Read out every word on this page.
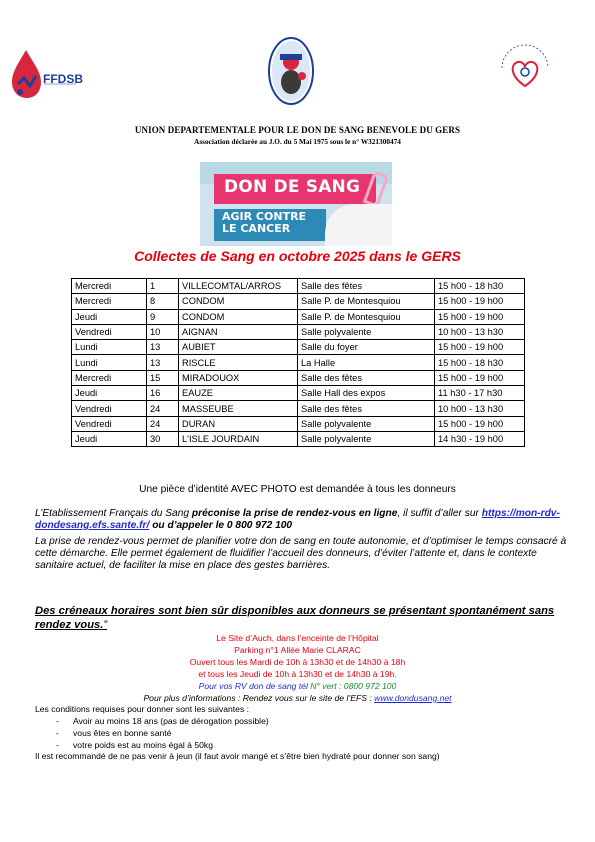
FFDSB
UNION DEPARTEMENTALE POUR LE DON DE SANG BENEVOLE DU GERS
Association déclarée au J.O. du 5 Mai 1975 sous le n° W321300474
DON DE SANG
AGIR CONTRE
LE CANCER
Collectes de Sang en octobre 2025 dans le GERS
Mercredi	1	VILLECOMTAL/ARROS	Salle des fêtes	15 h00 - 18 h30
Mercredi	8	CONDOM	Salle P. de Montesquiou	15 h00 - 19 h00
Jeudi	9	CONDOM	Salle P. de Montesquiou	15 h00 - 19 h00
Vendredi	10	AIGNAN	Salle polyvalente	10 h00 - 13 h30
Lundi	13	AUBIET	Salle du foyer	15 h00 - 19 h00
Lundi	13	RISCLE	La Halle	15 h00 - 18 h30
Mercredi	15	MIRADOUOX	Salle des fêtes	15 h00 - 19 h00
Jeudi	16	EAUZE	Salle Hall des expos	11 h30 - 17 h30
Vendredi	24	MASSEUBE	Salle des fêtes	10 h00 - 13 h30
Vendredi	24	DURAN	Salle polyvalente	15 h00 - 19 h00
Jeudi	30	L'ISLE JOURDAIN	Salle polyvalente	14 h30 - 19 h00
Une pièce d’identité AVEC PHOTO est demandée à tous les donneurs
L’Etablissement Français du Sang préconise la prise de rendez-vous en ligne, il suffit d’aller sur https://mon-rdv-dondesang.efs.sante.fr/ ou d’appeler le 0 800 972 100
La prise de rendez-vous permet de planifier votre don de sang en toute autonomie, et d’optimiser le temps consacré à cette démarche. Elle permet également de fluidifier l’accueil des donneurs, d’éviter l’attente et, dans le contexte sanitaire actuel, de faciliter la mise en place des gestes barrières.
Des créneaux horaires sont bien sûr disponibles aux donneurs se présentant spontanément sans rendez vous.”
Le Site d’Auch, dans l’enceinte de l’Hôpital
Parking n°1 Allée Marie CLARAC
Ouvert tous les Mardi de 10h à 13h30 et de 14h30 à 18h
et tous les Jeudi de 10h à 13h30 et de 14h30 à 19h.
Pour vos RV don de sang tél N° vert : 0800 972 100
Pour plus d’informations : Rendez vous sur le site de l’EFS : www.dondusang.net
Les conditions requises pour donner sont les suivantes :
- Avoir au moins 18 ans (pas de dérogation possible)
- vous êtes en bonne santé
- votre poids est au moins égal à 50kg
Il est recommandé de ne pas venir à jeun (il faut avoir mangé et s’être bien hydraté pour donner son sang)
